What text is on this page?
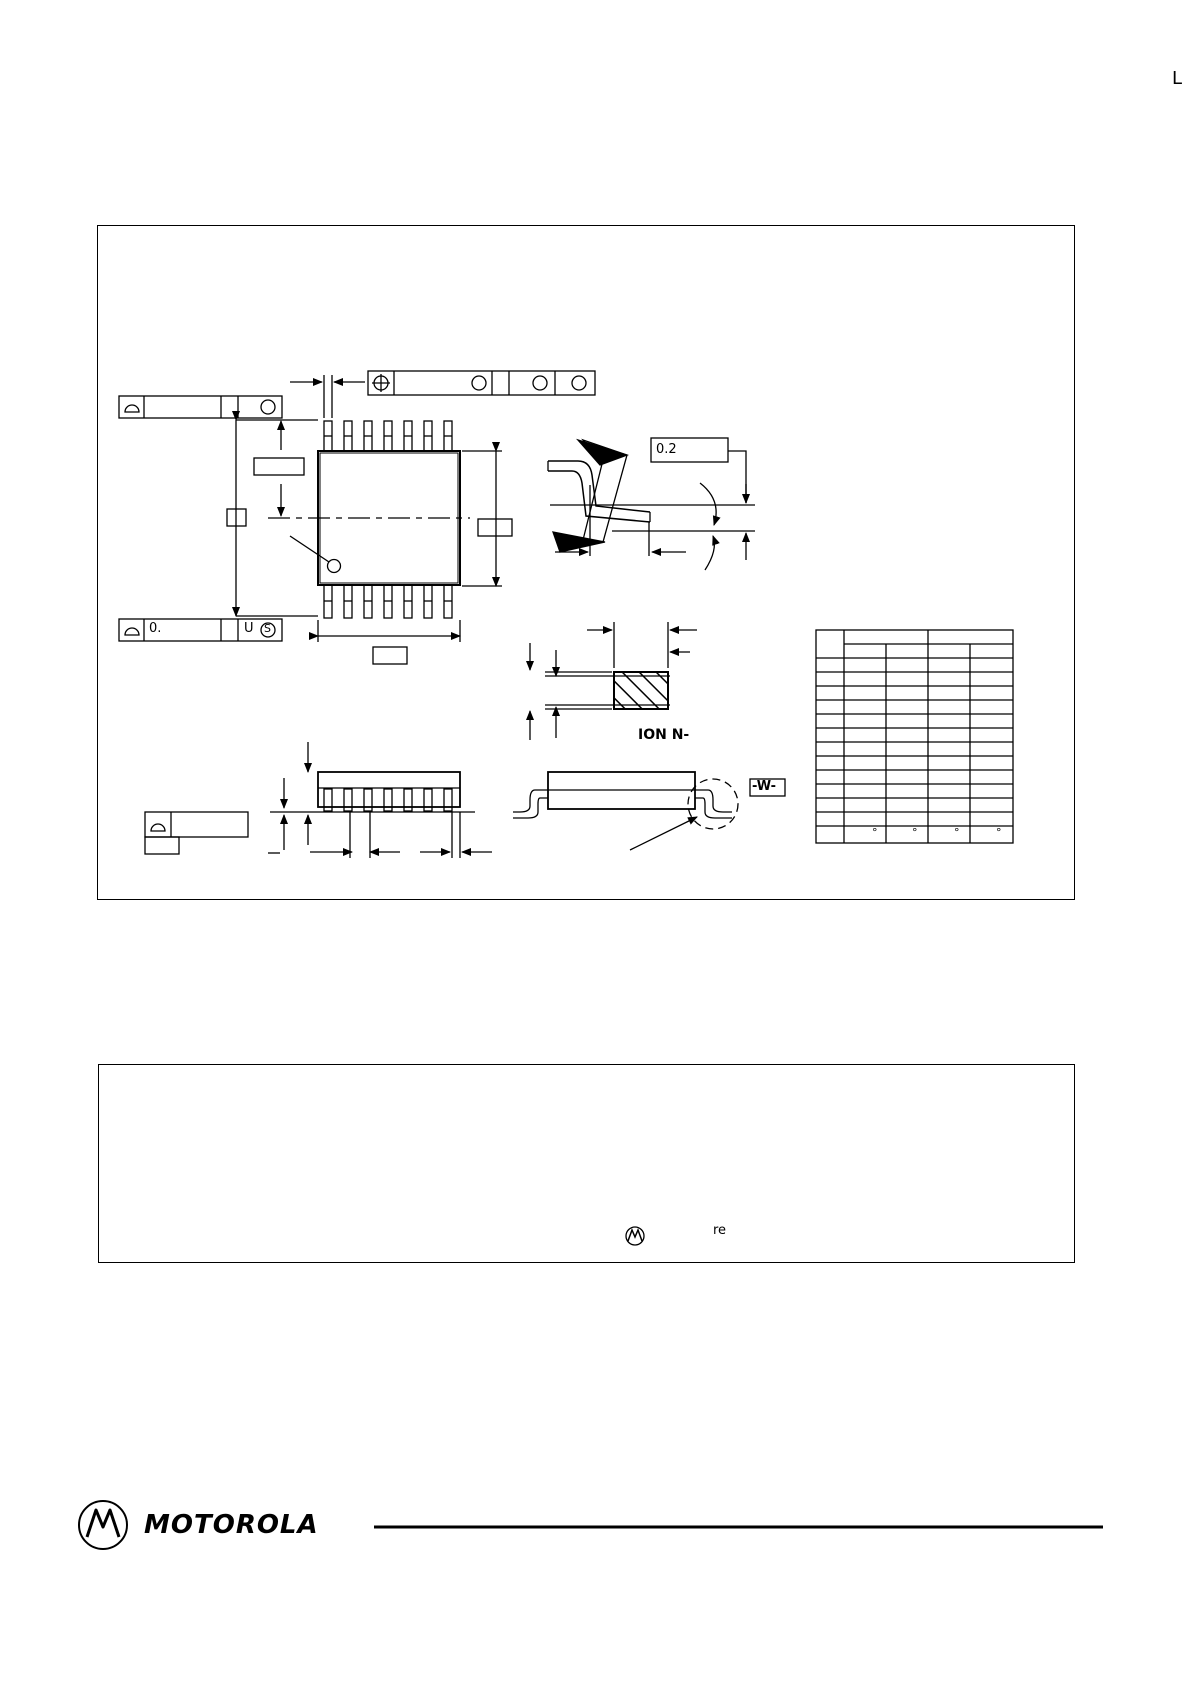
L
0.	U S
0.2
ION N-
-W-
°	°	°	°
re
MOTOROLA
